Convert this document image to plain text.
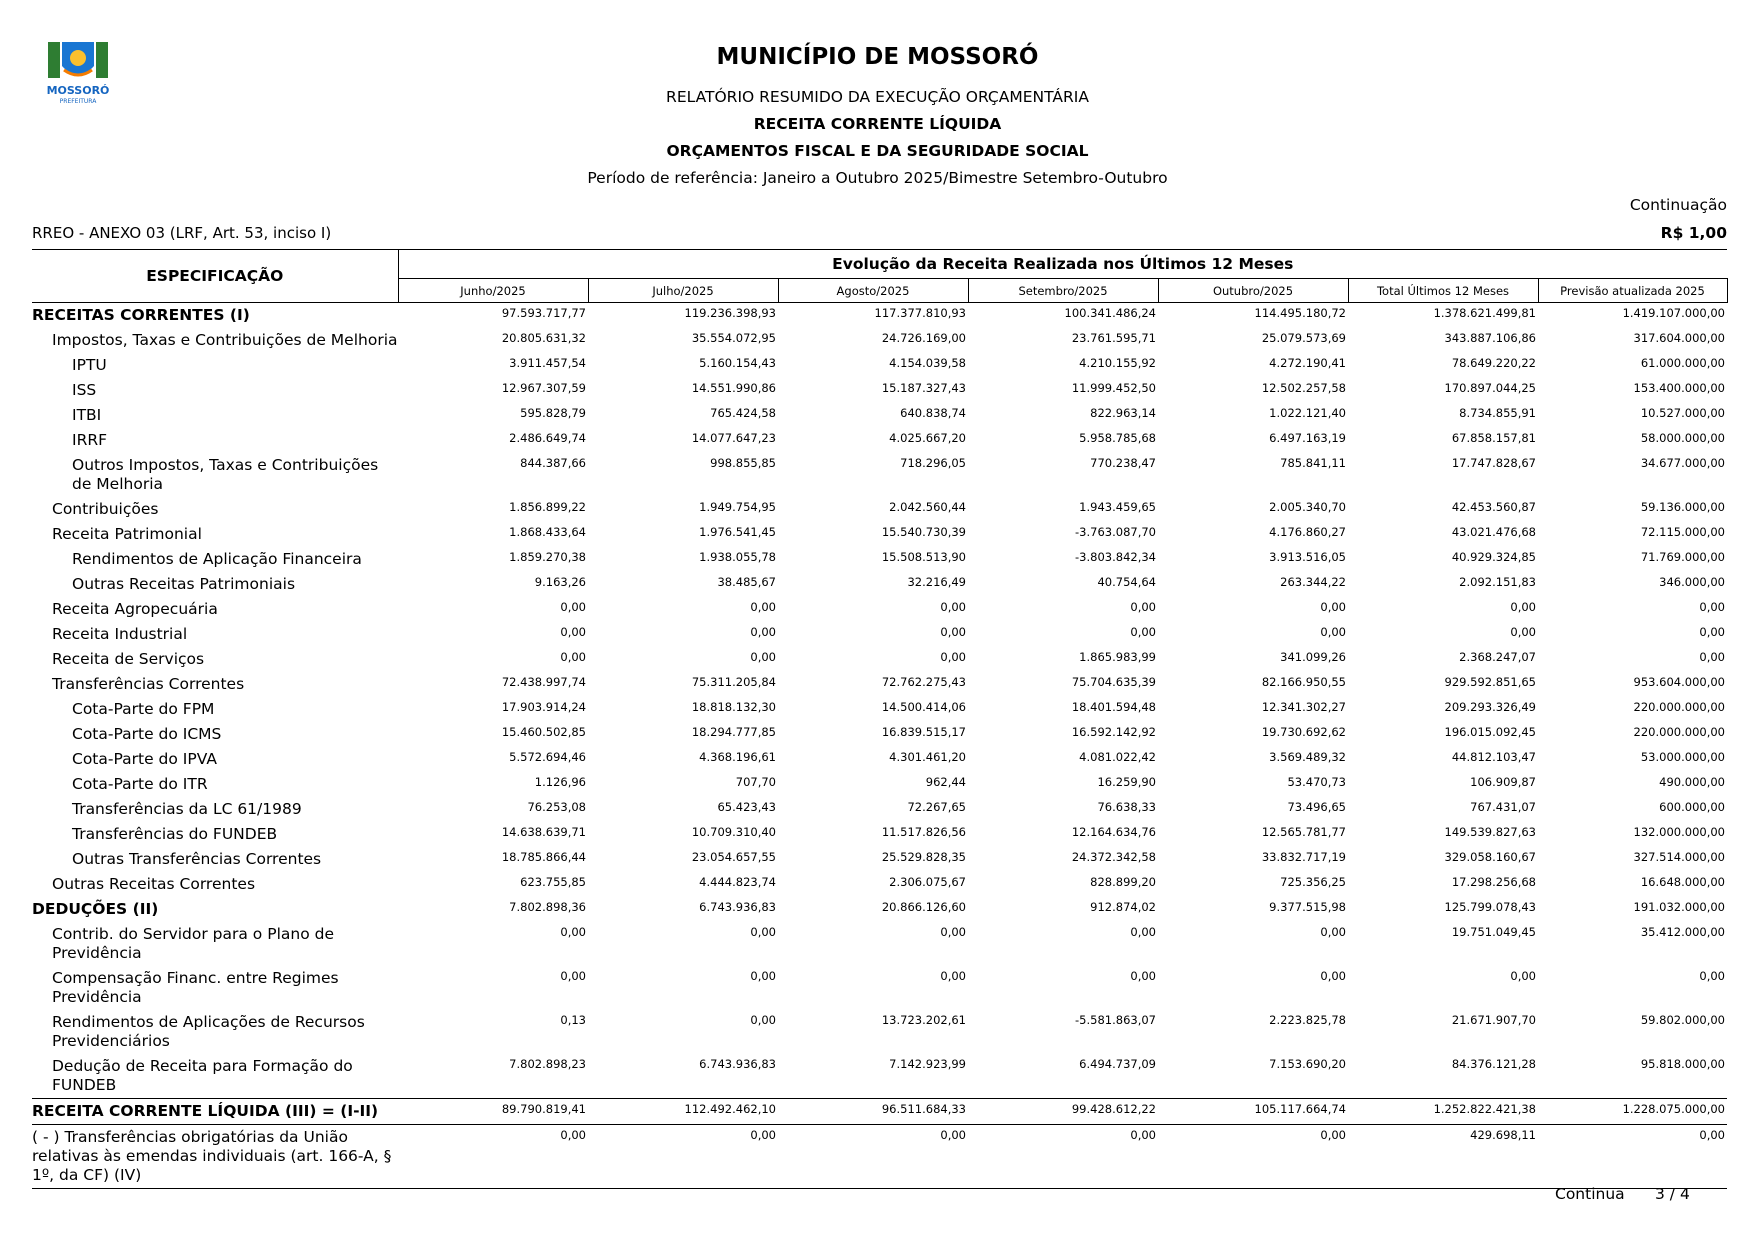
MOSSORÓ
PREFEITURA
MUNICÍPIO DE MOSSORÓ
RELATÓRIO RESUMIDO DA EXECUÇÃO ORÇAMENTÁRIA
RECEITA CORRENTE LÍQUIDA
ORÇAMENTOS FISCAL E DA SEGURIDADE SOCIAL
Período de referência: Janeiro a Outubro 2025/Bimestre Setembro-Outubro
Continuação
RREO - ANEXO 03 (LRF, Art. 53, inciso I)	R$ 1,00
ESPECIFICAÇÃO	Evolução da Receita Realizada nos Últimos 12 Meses						
	Junho/2025	Julho/2025	Agosto/2025	Setembro/2025	Outubro/2025	Total Últimos 12 Meses	Previsão atualizada 2025
RECEITAS CORRENTES (I)	97.593.717,77	119.236.398,93	117.377.810,93	100.341.486,24	114.495.180,72	1.378.621.499,81	1.419.107.000,00
Impostos, Taxas e Contribuições de Melhoria	20.805.631,32	35.554.072,95	24.726.169,00	23.761.595,71	25.079.573,69	343.887.106,86	317.604.000,00
IPTU	3.911.457,54	5.160.154,43	4.154.039,58	4.210.155,92	4.272.190,41	78.649.220,22	61.000.000,00
ISS	12.967.307,59	14.551.990,86	15.187.327,43	11.999.452,50	12.502.257,58	170.897.044,25	153.400.000,00
ITBI	595.828,79	765.424,58	640.838,74	822.963,14	1.022.121,40	8.734.855,91	10.527.000,00
IRRF	2.486.649,74	14.077.647,23	4.025.667,20	5.958.785,68	6.497.163,19	67.858.157,81	58.000.000,00
Outros Impostos, Taxas e Contribuições de Melhoria	844.387,66	998.855,85	718.296,05	770.238,47	785.841,11	17.747.828,67	34.677.000,00
Contribuições	1.856.899,22	1.949.754,95	2.042.560,44	1.943.459,65	2.005.340,70	42.453.560,87	59.136.000,00
Receita Patrimonial	1.868.433,64	1.976.541,45	15.540.730,39	-3.763.087,70	4.176.860,27	43.021.476,68	72.115.000,00
Rendimentos de Aplicação Financeira	1.859.270,38	1.938.055,78	15.508.513,90	-3.803.842,34	3.913.516,05	40.929.324,85	71.769.000,00
Outras Receitas Patrimoniais	9.163,26	38.485,67	32.216,49	40.754,64	263.344,22	2.092.151,83	346.000,00
Receita Agropecuária	0,00	0,00	0,00	0,00	0,00	0,00	0,00
Receita Industrial	0,00	0,00	0,00	0,00	0,00	0,00	0,00
Receita de Serviços	0,00	0,00	0,00	1.865.983,99	341.099,26	2.368.247,07	0,00
Transferências Correntes	72.438.997,74	75.311.205,84	72.762.275,43	75.704.635,39	82.166.950,55	929.592.851,65	953.604.000,00
Cota-Parte do FPM	17.903.914,24	18.818.132,30	14.500.414,06	18.401.594,48	12.341.302,27	209.293.326,49	220.000.000,00
Cota-Parte do ICMS	15.460.502,85	18.294.777,85	16.839.515,17	16.592.142,92	19.730.692,62	196.015.092,45	220.000.000,00
Cota-Parte do IPVA	5.572.694,46	4.368.196,61	4.301.461,20	4.081.022,42	3.569.489,32	44.812.103,47	53.000.000,00
Cota-Parte do ITR	1.126,96	707,70	962,44	16.259,90	53.470,73	106.909,87	490.000,00
Transferências da LC 61/1989	76.253,08	65.423,43	72.267,65	76.638,33	73.496,65	767.431,07	600.000,00
Transferências do FUNDEB	14.638.639,71	10.709.310,40	11.517.826,56	12.164.634,76	12.565.781,77	149.539.827,63	132.000.000,00
Outras Transferências Correntes	18.785.866,44	23.054.657,55	25.529.828,35	24.372.342,58	33.832.717,19	329.058.160,67	327.514.000,00
Outras Receitas Correntes	623.755,85	4.444.823,74	2.306.075,67	828.899,20	725.356,25	17.298.256,68	16.648.000,00
DEDUÇÕES (II)	7.802.898,36	6.743.936,83	20.866.126,60	912.874,02	9.377.515,98	125.799.078,43	191.032.000,00
Contrib. do Servidor para o Plano de Previdência	0,00	0,00	0,00	0,00	0,00	19.751.049,45	35.412.000,00
Compensação Financ. entre Regimes Previdência	0,00	0,00	0,00	0,00	0,00	0,00	0,00
Rendimentos de Aplicações de Recursos Previdenciários	0,13	0,00	13.723.202,61	-5.581.863,07	2.223.825,78	21.671.907,70	59.802.000,00
Dedução de Receita para Formação do FUNDEB	7.802.898,23	6.743.936,83	7.142.923,99	6.494.737,09	7.153.690,20	84.376.121,28	95.818.000,00
RECEITA CORRENTE LÍQUIDA (III) = (I-II)	89.790.819,41	112.492.462,10	96.511.684,33	99.428.612,22	105.117.664,74	1.252.822.421,38	1.228.075.000,00
( - ) Transferências obrigatórias da União relativas às emendas individuais (art. 166-A, § 1º, da CF) (IV)	0,00	0,00	0,00	0,00	0,00	429.698,11	0,00
Continua 3 / 4
